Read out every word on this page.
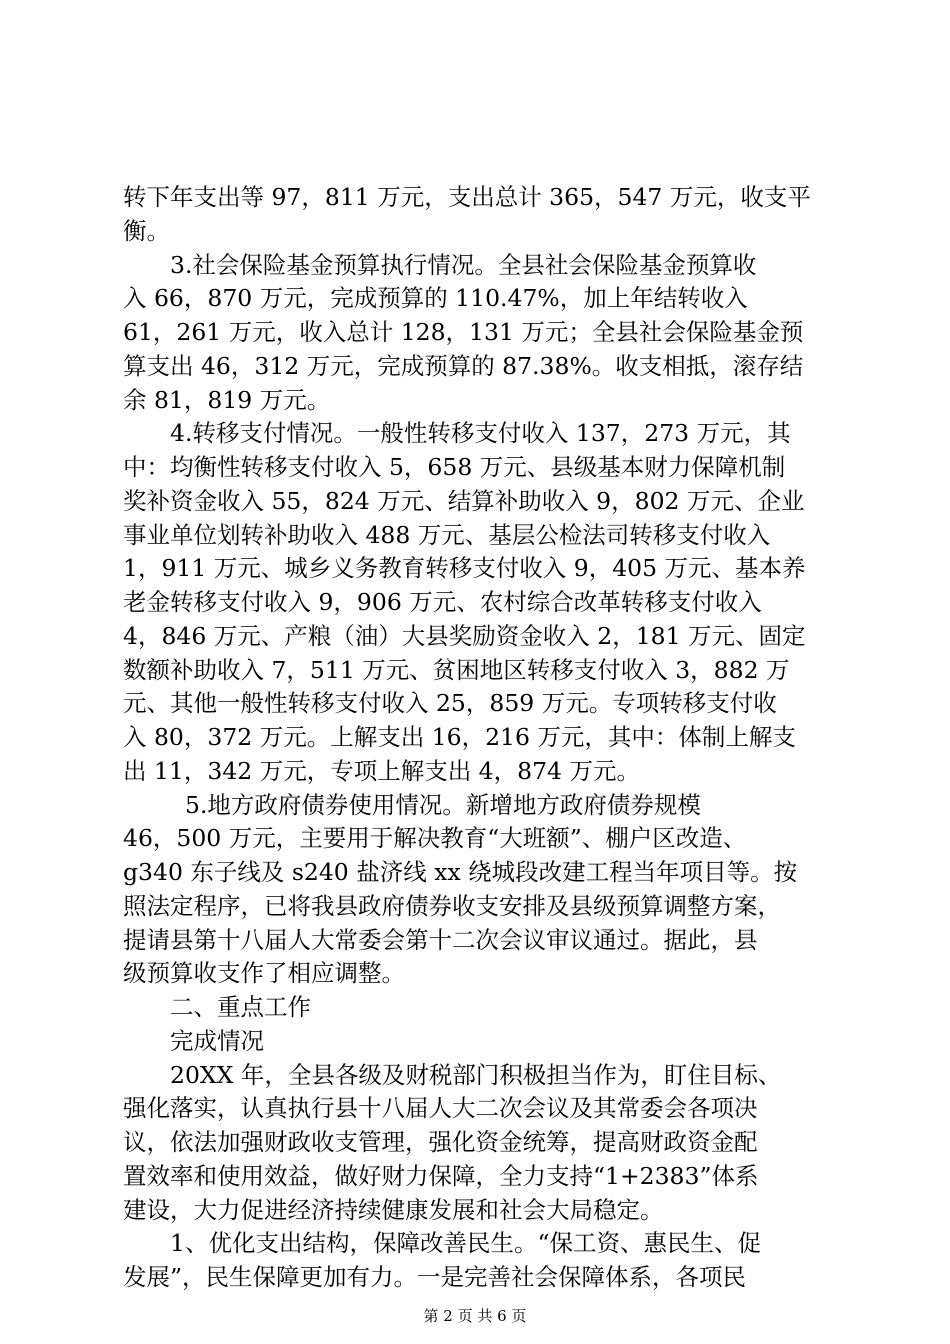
转下年支出等 97，811 万元，支出总计 365，547 万元，收支平
衡。
3.社会保险基金预算执行情况。全县社会保险基金预算收
入 66，870 万元，完成预算的 110.47%，加上年结转收入
61，261 万元，收入总计 128，131 万元；全县社会保险基金预
算支出 46，312 万元，完成预算的 87.38%。收支相抵，滚存结
余 81，819 万元。
4.转移支付情况。一般性转移支付收入 137，273 万元，其
中：均衡性转移支付收入 5，658 万元、县级基本财力保障机制
奖补资金收入 55，824 万元、结算补助收入 9，802 万元、企业
事业单位划转补助收入 488 万元、基层公检法司转移支付收入
1，911 万元、城乡义务教育转移支付收入 9，405 万元、基本养
老金转移支付收入 9，906 万元、农村综合改革转移支付收入
4，846 万元、产粮（油）大县奖励资金收入 2，181 万元、固定
数额补助收入 7，511 万元、贫困地区转移支付收入 3，882 万
元、其他一般性转移支付收入 25，859 万元。专项转移支付收
入 80，372 万元。上解支出 16，216 万元，其中：体制上解支
出 11，342 万元，专项上解支出 4，874 万元。
5.地方政府债券使用情况。新增地方政府债券规模
46，500 万元，主要用于解决教育“大班额”、棚户区改造、
g340 东子线及 s240 盐济线 xx 绕城段改建工程当年项目等。按
照法定程序，已将我县政府债券收支安排及县级预算调整方案，
提请县第十八届人大常委会第十二次会议审议通过。据此，县
级预算收支作了相应调整。
二、重点工作
完成情况
20XX 年，全县各级及财税部门积极担当作为，盯住目标、
强化落实，认真执行县十八届人大二次会议及其常委会各项决
议，依法加强财政收支管理，强化资金统筹，提高财政资金配
置效率和使用效益，做好财力保障，全力支持“1+2383”体系
建设，大力促进经济持续健康发展和社会大局稳定。
1、优化支出结构，保障改善民生。“保工资、惠民生、促
发展”，民生保障更加有力。一是完善社会保障体系，各项民
第 2 页 共 6 页
